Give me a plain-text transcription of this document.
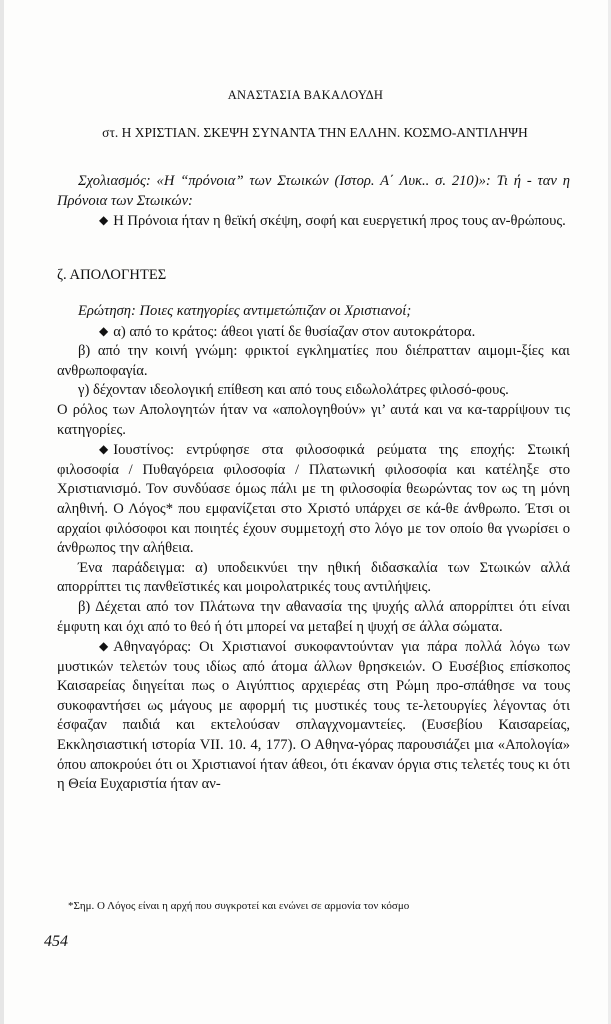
ΑΝΑΣΤΑΣΙΑ ΒΑΚΑΛΟΥΔΗ
στ. Η ΧΡΙΣΤΙΑΝ. ΣΚΕΨΗ ΣΥΝΑΝΤΑ ΤΗΝ ΕΛΛΗΝ. ΚΟΣΜΟ-ΑΝΤΙΛΗΨΗ

Σχολιασμός: «Η “πρόνοια” των Στωικών (Ιστορ. Α΄ Λυκ.. σ. 210)»: Τι ή - ταν η Πρόνοια των Στωικών:

◆ Η Πρόνοια ήταν η θεϊκή σκέψη, σοφή και ευεργετική προς τους αν-θρώπους.

ζ. ΑΠΟΛΟΓΗΤΕΣ

Ερώτηση: Ποιες κατηγορίες αντιμετώπιζαν οι Χριστιανοί;

◆ α) από το κράτος: άθεοι γιατί δε θυσίαζαν στον αυτοκράτορα.

β) από την κοινή γνώμη: φρικτοί εγκληματίες που διέπρατταν αιμομι-ξίες και ανθρωποφαγία.

γ) δέχονταν ιδεολογική επίθεση και από τους ειδωλολάτρες φιλοσό-φους.

Ο ρόλος των Απολογητών ήταν να «απολογηθούν» γι’ αυτά και να κα-ταρρίψουν τις κατηγορίες.

◆ Ιουστίνος: εντρύφησε στα φιλοσοφικά ρεύματα της εποχής: Στωική φιλοσοφία / Πυθαγόρεια φιλοσοφία / Πλατωνική φιλοσοφία και κατέληξε στο Χριστιανισμό. Τον συνδύασε όμως πάλι με τη φιλοσοφία θεωρώντας τον ως τη μόνη αληθινή. Ο Λόγος* που εμφανίζεται στο Χριστό υπάρχει σε κά-θε άνθρωπο. Έτσι οι αρχαίοι φιλόσοφοι και ποιητές έχουν συμμετοχή στο λόγο με τον οποίο θα γνωρίσει ο άνθρωπος την αλήθεια.

Ένα παράδειγμα: α) υποδεικνύει την ηθική διδασκαλία των Στωικών αλλά απορρίπτει τις πανθεϊστικές και μοιρολατρικές τους αντιλήψεις.

β) Δέχεται από τον Πλάτωνα την αθανασία της ψυχής αλλά απορρίπτει ότι είναι έμφυτη και όχι από το θεό ή ότι μπορεί να μεταβεί η ψυχή σε άλλα σώματα.

◆ Αθηναγόρας: Οι Χριστιανοί συκοφαντούνταν για πάρα πολλά λόγω των μυστικών τελετών τους ιδίως από άτομα άλλων θρησκειών. Ο Ευσέβιος επίσκοπος Καισαρείας διηγείται πως ο Αιγύπτιος αρχιερέας στη Ρώμη προ-σπάθησε να τους συκοφαντήσει ως μάγους με αφορμή τις μυστικές τους τε-λετουργίες λέγοντας ότι έσφαζαν παιδιά και εκτελούσαν σπλαγχνομαντείες. (Ευσεβίου Καισαρείας, Εκκλησιαστική ιστορία VII. 10. 4, 177). Ο Αθηνα-γόρας παρουσιάζει μια «Απολογία» όπου αποκρούει ότι οι Χριστιανοί ήταν άθεοι, ότι έκαναν όργια στις τελετές τους κι ότι η Θεία Ευχαριστία ήταν αν-

*Σημ. Ο Λόγος είναι η αρχή που συγκροτεί και ενώνει σε αρμονία τον κόσμο
454
